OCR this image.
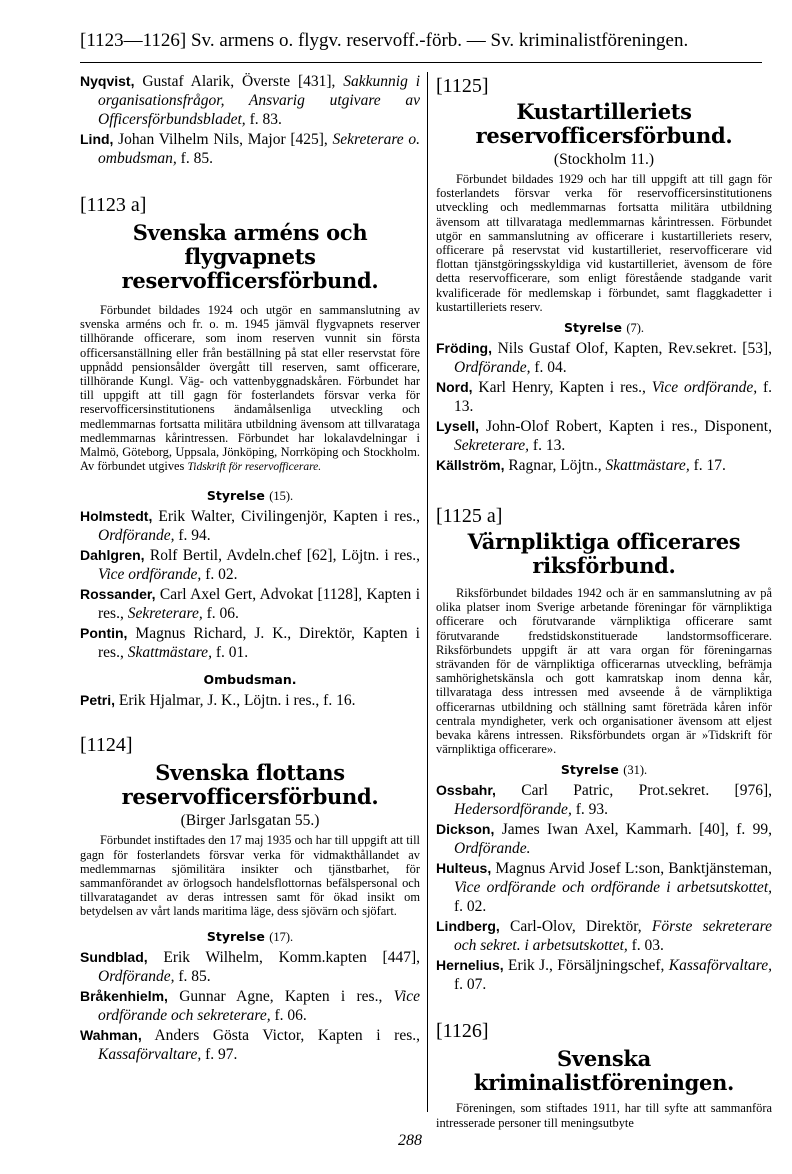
[1123—1126] Sv. armens o. flygv. reservoff.-förb. — Sv. kriminalistföreningen.

Nyqvist, Gustaf Alarik, Överste [431], Sakkunnig i organisationsfrågor, Ansvarig utgivare av Officersförbundsbladet, f. 83.

Lind, Johan Vilhelm Nils, Major [425], Sekreterare o. ombudsman, f. 85.

[1123 a]

Svenska arméns och flygvapnets reservofficersförbund.

Förbundet bildades 1924 och utgör en sammanslutning av svenska arméns och fr. o. m. 1945 jämväl flygvapnets reserver tillhörande officerare, som inom reserven vunnit sin första officersanställning eller från beställning på stat eller reservstat före uppnådd pensionsålder övergått till reserven, samt officerare, tillhörande Kungl. Väg- och vattenbyggnadskåren. Förbundet har till uppgift att till gagn för fosterlandets försvar verka för reservofficersinstitutionens ändamålsenliga utveckling och medlemmarnas fortsatta militära utbildning ävensom att tillvarataga medlemmarnas kårintressen. Förbundet har lokalavdelningar i Malmö, Göteborg, Uppsala, Jönköping, Norrköping och Stockholm. Av förbundet utgives Tidskrift för reservofficerare.

Styrelse (15).

Holmstedt, Erik Walter, Civilingenjör, Kapten i res., Ordförande, f. 94.

Dahlgren, Rolf Bertil, Avdeln.chef [62], Löjtn. i res., Vice ordförande, f. 02.

Rossander, Carl Axel Gert, Advokat [1128], Kapten i res., Sekreterare, f. 06.

Pontin, Magnus Richard, J. K., Direktör, Kapten i res., Skattmästare, f. 01.

Ombudsman.

Petri, Erik Hjalmar, J. K., Löjtn. i res., f. 16.

[1124]

Svenska flottans reservofficersförbund.

(Birger Jarlsgatan 55.)

Förbundet instiftades den 17 maj 1935 och har till uppgift att till gagn för fosterlandets försvar verka för vidmakthållandet av medlemmarnas sjömilitära insikter och tjänstbarhet, för sammanförandet av örlogsoch handelsflottornas befälspersonal och tillvaratagandet av deras intressen samt för ökad insikt om betydelsen av vårt lands maritima läge, dess sjövärn och sjöfart.

Styrelse (17).

Sundblad, Erik Wilhelm, Komm.kapten [447], Ordförande, f. 85.

Bråkenhielm, Gunnar Agne, Kapten i res., Vice ordförande och sekreterare, f. 06.

Wahman, Anders Gösta Victor, Kapten i res., Kassaförvaltare, f. 97.

[1125]

Kustartilleriets reservofficersförbund.

(Stockholm 11.)

Förbundet bildades 1929 och har till uppgift att till gagn för fosterlandets försvar verka för reservofficersinstitutionens utveckling och medlemmarnas fortsatta militära utbildning ävensom att tillvarataga medlemmarnas kårintressen. Förbundet utgör en sammanslutning av officerare i kustartilleriets reserv, officerare på reservstat vid kustartilleriet, reservofficerare vid flottan tjänstgöringsskyldiga vid kustartilleriet, ävensom de före detta reservofficerare, som enligt förestående stadgande varit kvalificerade för medlemskap i förbundet, samt flaggkadetter i kustartilleriets reserv.

Styrelse (7).

Fröding, Nils Gustaf Olof, Kapten, Rev.sekret. [53], Ordförande, f. 04.

Nord, Karl Henry, Kapten i res., Vice ordförande, f. 13.

Lysell, John-Olof Robert, Kapten i res., Disponent, Sekreterare, f. 13.

Källström, Ragnar, Löjtn., Skattmästare, f. 17.

[1125 a]

Värnpliktiga officerares riksförbund.

Riksförbundet bildades 1942 och är en sammanslutning av på olika platser inom Sverige arbetande föreningar för värnpliktiga officerare och förutvarande värnpliktiga officerare samt förutvarande fredstidskonstituerade landstormsofficerare. Riksförbundets uppgift är att vara organ för föreningarnas strävanden för de värnpliktiga officerarnas utveckling, befrämja samhörighetskänsla och gott kamratskap inom denna kår, tillvarataga dess intressen med avseende å de värnpliktiga officerarnas utbildning och ställning samt företräda kåren inför centrala myndigheter, verk och organisationer ävensom att eljest bevaka kårens intressen. Riksförbundets organ är »Tidskrift för värnpliktiga officerare».

Styrelse (31).

Ossbahr, Carl Patric, Prot.sekret. [976], Hedersordförande, f. 93.

Dickson, James Iwan Axel, Kammarh. [40], f. 99, Ordförande.

Hulteus, Magnus Arvid Josef L:son, Banktjänsteman, Vice ordförande och ordförande i arbetsutskottet, f. 02.

Lindberg, Carl-Olov, Direktör, Förste sekreterare och sekret. i arbetsutskottet, f. 03.

Hernelius, Erik J., Försäljningschef, Kassaförvaltare, f. 07.

[1126]

Svenska kriminalistföreningen.

Föreningen, som stiftades 1911, har till syfte att sammanföra intresserade personer till meningsutbyte

288
